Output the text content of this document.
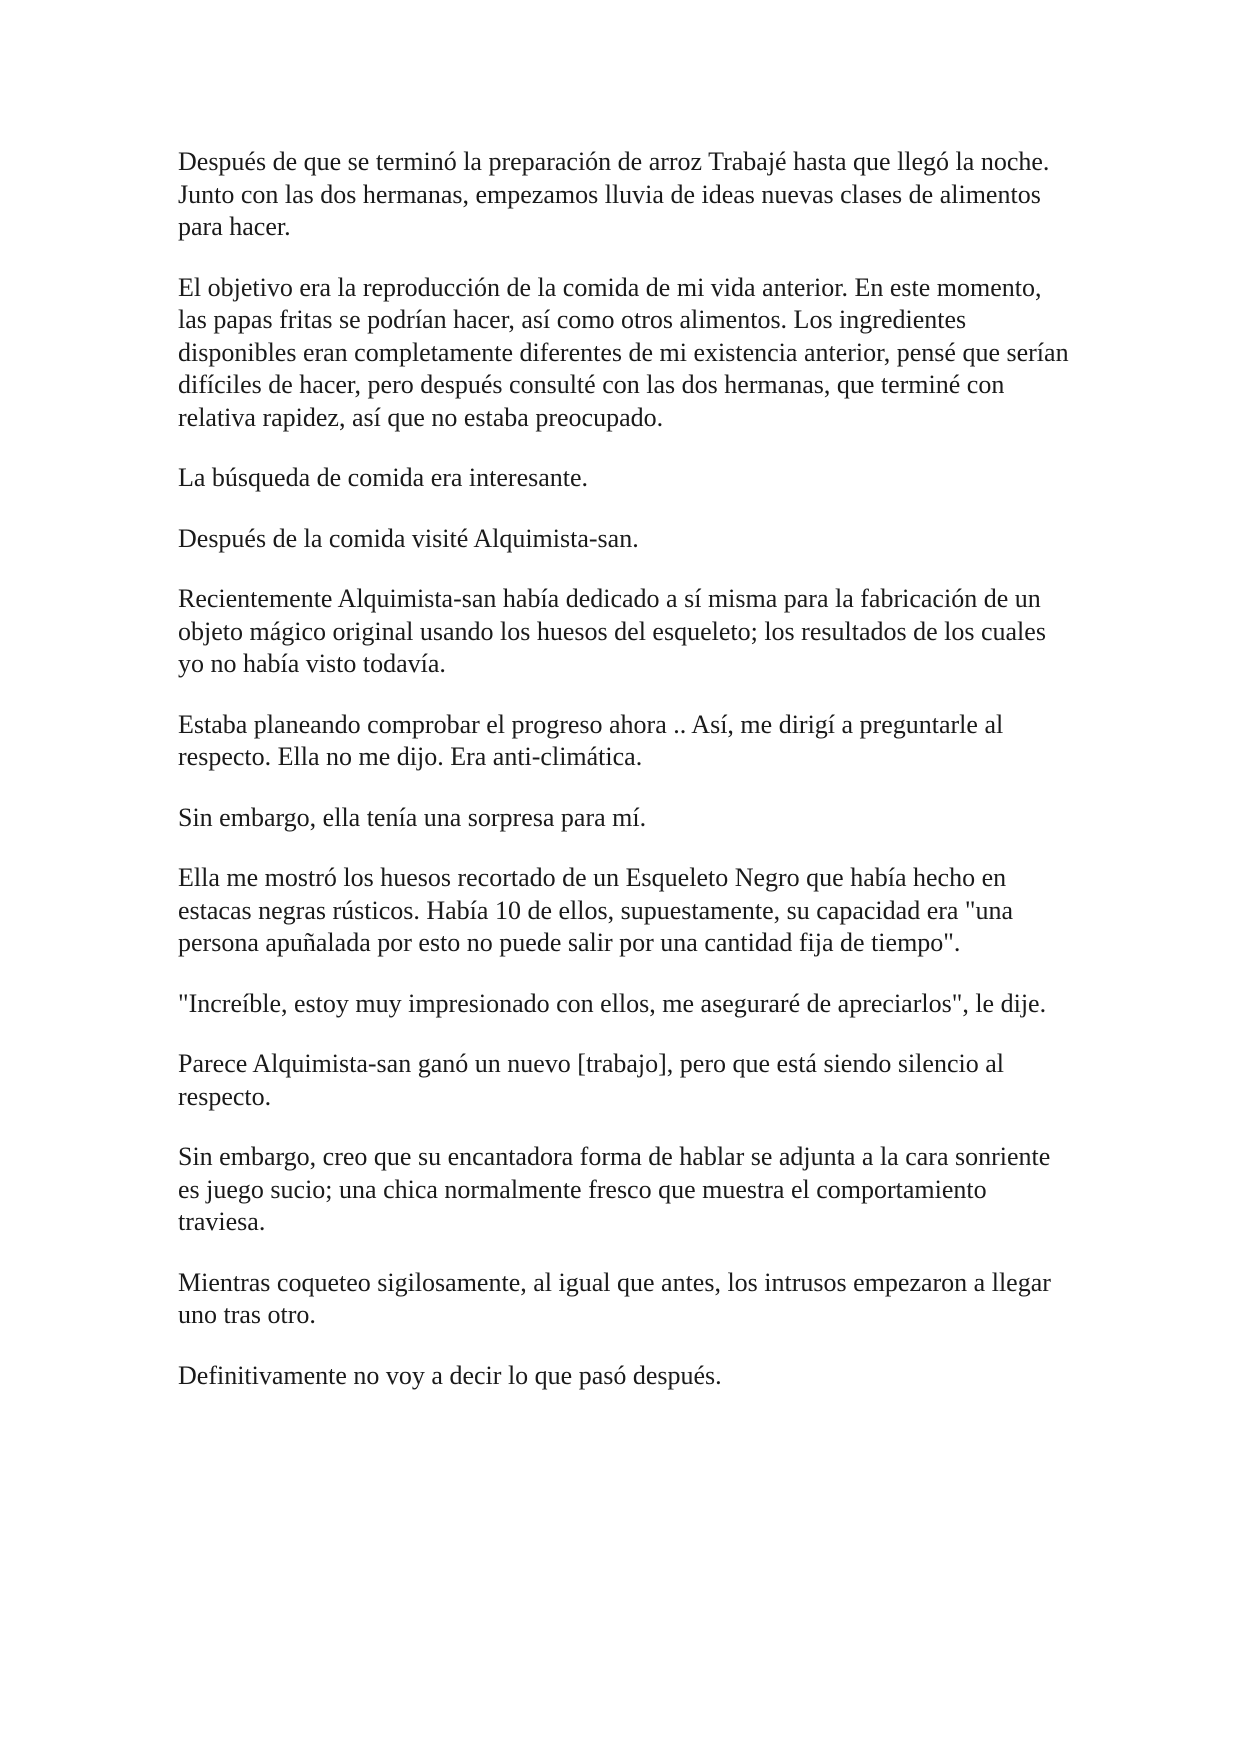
Después de que se terminó la preparación de arroz Trabajé hasta que llegó la noche. Junto con las dos hermanas, empezamos lluvia de ideas nuevas clases de alimentos para hacer.

El objetivo era la reproducción de la comida de mi vida anterior. En este momento, las papas fritas se podrían hacer, así como otros alimentos. Los ingredientes disponibles eran completamente diferentes de mi existencia anterior, pensé que serían difíciles de hacer, pero después consulté con las dos hermanas, que terminé con relativa rapidez, así que no estaba preocupado.

La búsqueda de comida era interesante.

Después de la comida visité Alquimista-san.

Recientemente Alquimista-san había dedicado a sí misma para la fabricación de un objeto mágico original usando los huesos del esqueleto; los resultados de los cuales yo no había visto todavía.

Estaba planeando comprobar el progreso ahora .. Así, me dirigí a preguntarle al respecto. Ella no me dijo. Era anti-climática.

Sin embargo, ella tenía una sorpresa para mí.

Ella me mostró los huesos recortado de un Esqueleto Negro que había hecho en estacas negras rústicos. Había 10 de ellos, supuestamente, su capacidad era "una persona apuñalada por esto no puede salir por una cantidad fija de tiempo".

"Increíble, estoy muy impresionado con ellos, me aseguraré de apreciarlos", le dije.

Parece Alquimista-san ganó un nuevo [trabajo], pero que está siendo silencio al respecto.

Sin embargo, creo que su encantadora forma de hablar se adjunta a la cara sonriente es juego sucio; una chica normalmente fresco que muestra el comportamiento traviesa.

Mientras coqueteo sigilosamente, al igual que antes, los intrusos empezaron a llegar uno tras otro.

Definitivamente no voy a decir lo que pasó después.
